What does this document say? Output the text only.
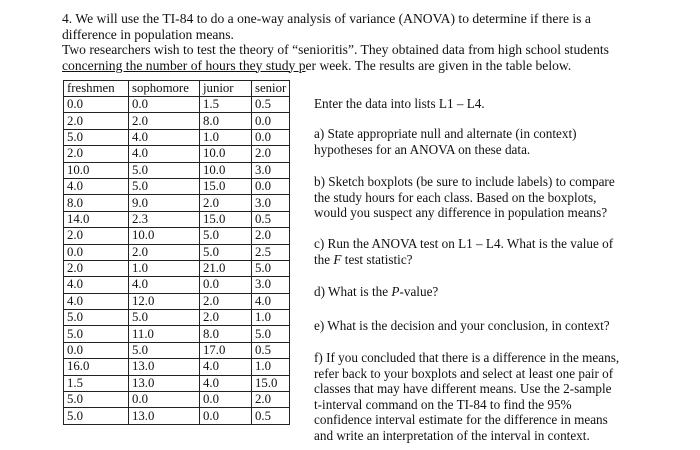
4. We will use the TI-84 to do a one-way analysis of variance (ANOVA) to determine if there is a

difference in population means.

Two researchers wish to test the theory of “senioritis”. They obtained data from high school students

concerning the number of hours they study per week. The results are given in the table below.

freshmen	sophomore	junior	senior
0.0	0.0	1.5	0.5
2.0	2.0	8.0	0.0
5.0	4.0	1.0	0.0
2.0	4.0	10.0	2.0
10.0	5.0	10.0	3.0
4.0	5.0	15.0	0.0
8.0	9.0	2.0	3.0
14.0	2.3	15.0	0.5
2.0	10.0	5.0	2.0
0.0	2.0	5.0	2.5
2.0	1.0	21.0	5.0
4.0	4.0	0.0	3.0
4.0	12.0	2.0	4.0
5.0	5.0	2.0	1.0
5.0	11.0	8.0	5.0
0.0	5.0	17.0	0.5
16.0	13.0	4.0	1.0
1.5	13.0	4.0	15.0
5.0	0.0	0.0	2.0
5.0	13.0	0.0	0.5

Enter the data into lists L1 – L4.

a) State appropriate null and alternate (in context)

hypotheses for an ANOVA on these data.

b) Sketch boxplots (be sure to include labels) to compare

the study hours for each class. Based on the boxplots,

would you suspect any difference in population means?

c) Run the ANOVA test on L1 – L4. What is the value of

the F test statistic?

d) What is the P-value?

e) What is the decision and your conclusion, in context?

f) If you concluded that there is a difference in the means,

refer back to your boxplots and select at least one pair of

classes that may have different means. Use the 2-sample

t-interval command on the TI-84 to find the 95%

confidence interval estimate for the difference in means

and write an interpretation of the interval in context.
